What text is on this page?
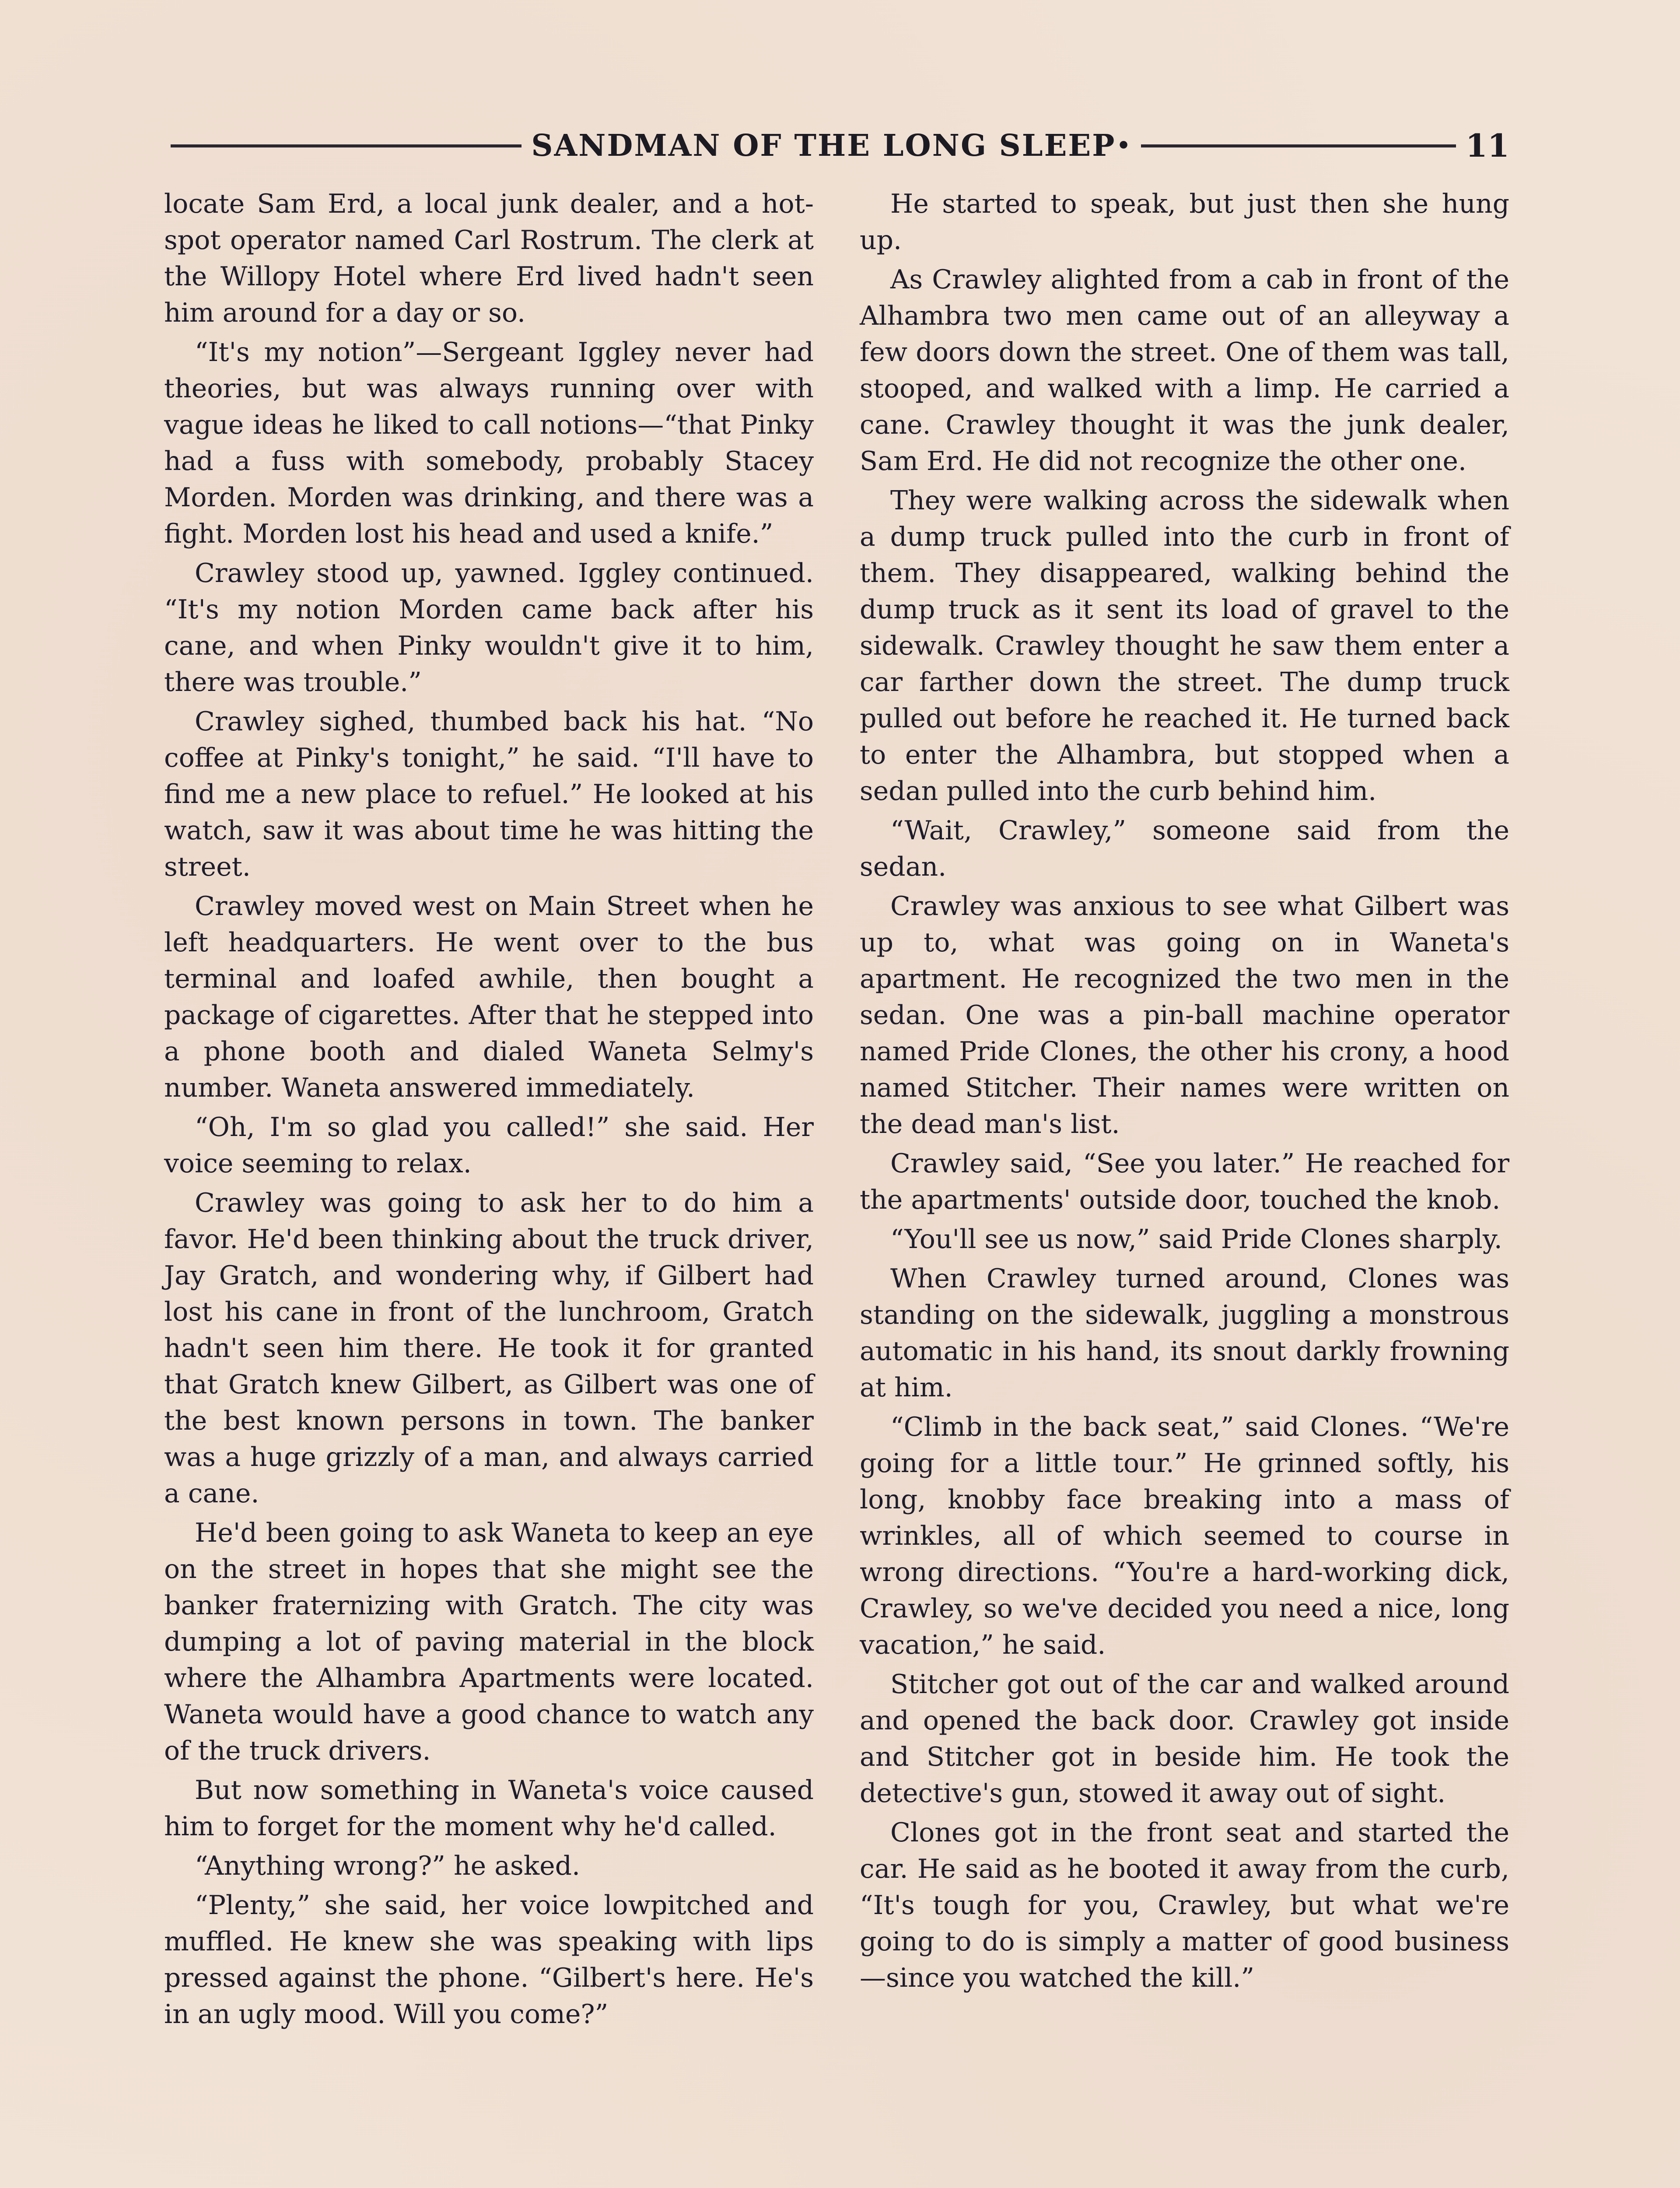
SANDMAN OF THE LONG SLEEP •	11

locate Sam Erd, a local junk dealer, and a hot-spot operator named Carl Rostrum. The clerk at the Willopy Hotel where Erd lived hadn't seen him around for a day or so.

“It's my notion”—Sergeant Iggley never had theories, but was always running over with vague ideas he liked to call notions—“that Pinky had a fuss with somebody, probably Stacey Morden. Morden was drinking, and there was a fight. Morden lost his head and used a knife.”

Crawley stood up, yawned. Iggley continued. “It's my notion Morden came back after his cane, and when Pinky wouldn't give it to him, there was trouble.”

Crawley sighed, thumbed back his hat. “No coffee at Pinky's tonight,” he said. “I'll have to find me a new place to refuel.” He looked at his watch, saw it was about time he was hitting the street.

Crawley moved west on Main Street when he left headquarters. He went over to the bus terminal and loafed awhile, then bought a package of cigarettes. After that he stepped into a phone booth and dialed Waneta Selmy's number. Waneta answered immediately.

“Oh, I'm so glad you called!” she said. Her voice seeming to relax.

Crawley was going to ask her to do him a favor. He'd been thinking about the truck driver, Jay Gratch, and wondering why, if Gilbert had lost his cane in front of the lunchroom, Gratch hadn't seen him there. He took it for granted that Gratch knew Gilbert, as Gilbert was one of the best known persons in town. The banker was a huge grizzly of a man, and always carried a cane.

He'd been going to ask Waneta to keep an eye on the street in hopes that she might see the banker fraternizing with Gratch. The city was dumping a lot of paving material in the block where the Alhambra Apartments were located. Waneta would have a good chance to watch any of the truck drivers.

But now something in Waneta's voice caused him to forget for the moment why he'd called.

“Anything wrong?” he asked.

“Plenty,” she said, her voice lowpitched and muffled. He knew she was speaking with lips pressed against the phone. “Gilbert's here. He's in an ugly mood. Will you come?”

He started to speak, but just then she hung up.

As Crawley alighted from a cab in front of the Alhambra two men came out of an alleyway a few doors down the street. One of them was tall, stooped, and walked with a limp. He carried a cane. Crawley thought it was the junk dealer, Sam Erd. He did not recognize the other one.

They were walking across the sidewalk when a dump truck pulled into the curb in front of them. They disappeared, walking behind the dump truck as it sent its load of gravel to the sidewalk. Crawley thought he saw them enter a car farther down the street. The dump truck pulled out before he reached it. He turned back to enter the Alhambra, but stopped when a sedan pulled into the curb behind him.

“Wait, Crawley,” someone said from the sedan.

Crawley was anxious to see what Gilbert was up to, what was going on in Waneta's apartment. He recognized the two men in the sedan. One was a pin-ball machine operator named Pride Clones, the other his crony, a hood named Stitcher. Their names were written on the dead man's list.

Crawley said, “See you later.” He reached for the apartments' outside door, touched the knob.

“You'll see us now,” said Pride Clones sharply.

When Crawley turned around, Clones was standing on the sidewalk, juggling a monstrous automatic in his hand, its snout darkly frowning at him.

“Climb in the back seat,” said Clones. “We're going for a little tour.” He grinned softly, his long, knobby face breaking into a mass of wrinkles, all of which seemed to course in wrong directions. “You're a hard-working dick, Crawley, so we've decided you need a nice, long vacation,” he said.

Stitcher got out of the car and walked around and opened the back door. Crawley got inside and Stitcher got in beside him. He took the detective's gun, stowed it away out of sight.

Clones got in the front seat and started the car. He said as he booted it away from the curb, “It's tough for you, Crawley, but what we're going to do is simply a matter of good business—since you watched the kill.”
